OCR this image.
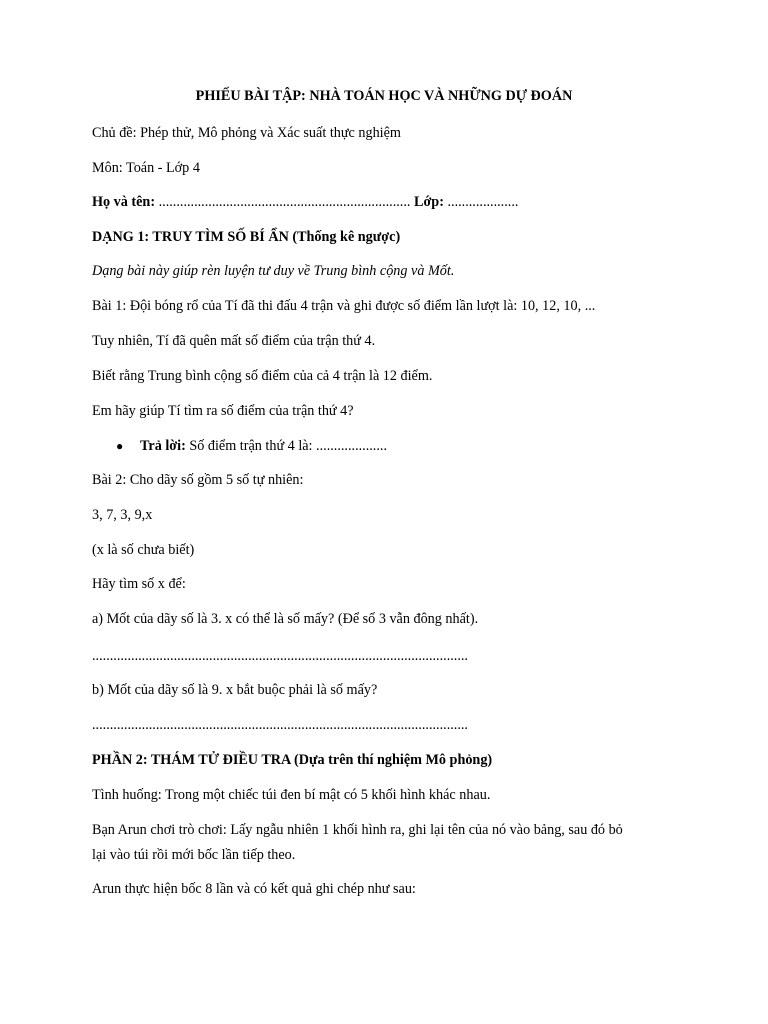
PHIẾU BÀI TẬP: NHÀ TOÁN HỌC VÀ NHỮNG DỰ ĐOÁN
Chủ đề: Phép thử, Mô phỏng và Xác suất thực nghiệm
Môn: Toán - Lớp 4
Họ và tên: ....................................................................... Lớp: ....................
DẠNG 1: TRUY TÌM SỐ BÍ ẨN (Thống kê ngược)
Dạng bài này giúp rèn luyện tư duy về Trung bình cộng và Mốt.
Bài 1: Đội bóng rổ của Tí đã thi đấu 4 trận và ghi được số điểm lần lượt là: 10, 12, 10, ...
Tuy nhiên, Tí đã quên mất số điểm của trận thứ 4.
Biết rằng Trung bình cộng số điểm của cả 4 trận là 12 điểm.
Em hãy giúp Tí tìm ra số điểm của trận thứ 4?
● Trả lời: Số điểm trận thứ 4 là: ....................
Bài 2: Cho dãy số gồm 5 số tự nhiên:
3, 7, 3, 9,x
(x là số chưa biết)
Hãy tìm số x để:
a) Mốt của dãy số là 3. x có thể là số mấy? (Để số 3 vẫn đông nhất).
..........................................................................................................
b) Mốt của dãy số là 9. x bắt buộc phải là số mấy?
..........................................................................................................
PHẦN 2: THÁM TỬ ĐIỀU TRA (Dựa trên thí nghiệm Mô phỏng)
Tình huống: Trong một chiếc túi đen bí mật có 5 khối hình khác nhau.
Bạn Arun chơi trò chơi: Lấy ngẫu nhiên 1 khối hình ra, ghi lại tên của nó vào bảng, sau đó bỏ
lại vào túi rồi mới bốc lần tiếp theo.
Arun thực hiện bốc 8 lần và có kết quả ghi chép như sau:
